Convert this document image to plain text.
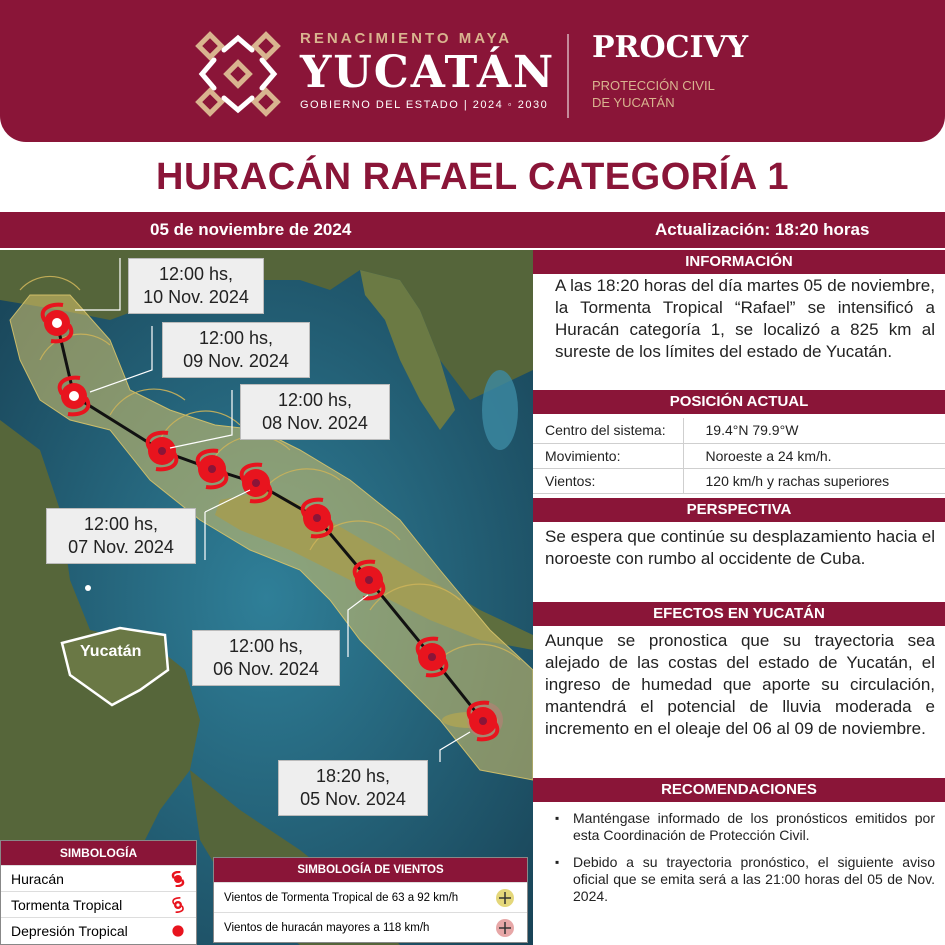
RENACIMIENTO MAYA
YUCATÁN
GOBIERNO DEL ESTADO | 2024 ◦ 2030
PROCIVY
PROTECCIÓN CIVIL
DE YUCATÁN
HURACÁN RAFAEL CATEGORÍA 1
05 de noviembre de 2024	Actualización: 18:20 horas
Yucatán
12:00 hs,
10 Nov. 2024
12:00 hs,
09 Nov. 2024
12:00 hs,
08 Nov. 2024
12:00 hs,
07 Nov. 2024
12:00 hs,
06 Nov. 2024
18:20 hs,
05 Nov. 2024
SIMBOLOGÍA
Huracán
Tormenta Tropical
Depresión Tropical
SIMBOLOGÍA DE VIENTOS
Vientos de Tormenta Tropical de 63 a 92 km/h
Vientos de huracán mayores a 118 km/h
INFORMACIÓN
A las 18:20 horas del día martes 05 de noviembre, la Tormenta Tropical “Rafael” se intensificó a Huracán categoría 1, se localizó a 825 km al sureste de los límites del estado de Yucatán.
POSICIÓN ACTUAL
Centro del sistema:	19.4°N 79.9°W
Movimiento:	Noroeste a 24 km/h.
Vientos:	120 km/h y rachas superiores
PERSPECTIVA
Se espera que continúe su desplazamiento hacia el noroeste con rumbo al occidente de Cuba.
EFECTOS EN YUCATÁN
Aunque se pronostica que su trayectoria sea alejado de las costas del estado de Yucatán, el ingreso de humedad que aporte su circulación, mantendrá el potencial de lluvia moderada e incremento en el oleaje del 06 al 09 de noviembre.
RECOMENDACIONES
▪ Manténgase informado de los pronósticos emitidos por esta Coordinación de Protección Civil.
▪ Debido a su trayectoria pronóstico, el siguiente aviso oficial que se emita será a las 21:00 horas del 05 de Nov. 2024.
